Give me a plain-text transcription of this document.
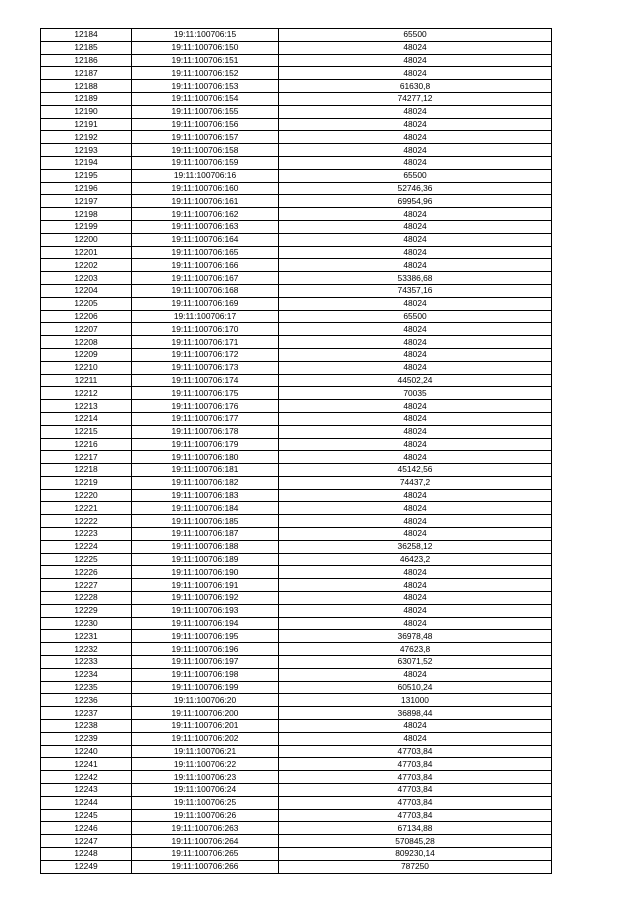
12184	19:11:100706:15	65500
12185	19:11:100706:150	48024
12186	19:11:100706:151	48024
12187	19:11:100706:152	48024
12188	19:11:100706:153	61630,8
12189	19:11:100706:154	74277,12
12190	19:11:100706:155	48024
12191	19:11:100706:156	48024
12192	19:11:100706:157	48024
12193	19:11:100706:158	48024
12194	19:11:100706:159	48024
12195	19:11:100706:16	65500
12196	19:11:100706:160	52746,36
12197	19:11:100706:161	69954,96
12198	19:11:100706:162	48024
12199	19:11:100706:163	48024
12200	19:11:100706:164	48024
12201	19:11:100706:165	48024
12202	19:11:100706:166	48024
12203	19:11:100706:167	53386,68
12204	19:11:100706:168	74357,16
12205	19:11:100706:169	48024
12206	19:11:100706:17	65500
12207	19:11:100706:170	48024
12208	19:11:100706:171	48024
12209	19:11:100706:172	48024
12210	19:11:100706:173	48024
12211	19:11:100706:174	44502,24
12212	19:11:100706:175	70035
12213	19:11:100706:176	48024
12214	19:11:100706:177	48024
12215	19:11:100706:178	48024
12216	19:11:100706:179	48024
12217	19:11:100706:180	48024
12218	19:11:100706:181	45142,56
12219	19:11:100706:182	74437,2
12220	19:11:100706:183	48024
12221	19:11:100706:184	48024
12222	19:11:100706:185	48024
12223	19:11:100706:187	48024
12224	19:11:100706:188	36258,12
12225	19:11:100706:189	46423,2
12226	19:11:100706:190	48024
12227	19:11:100706:191	48024
12228	19:11:100706:192	48024
12229	19:11:100706:193	48024
12230	19:11:100706:194	48024
12231	19:11:100706:195	36978,48
12232	19:11:100706:196	47623,8
12233	19:11:100706:197	63071,52
12234	19:11:100706:198	48024
12235	19:11:100706:199	60510,24
12236	19:11:100706:20	131000
12237	19:11:100706:200	36898,44
12238	19:11:100706:201	48024
12239	19:11:100706:202	48024
12240	19:11:100706:21	47703,84
12241	19:11:100706:22	47703,84
12242	19:11:100706:23	47703,84
12243	19:11:100706:24	47703,84
12244	19:11:100706:25	47703,84
12245	19:11:100706:26	47703,84
12246	19:11:100706:263	67134,88
12247	19:11:100706:264	570845,28
12248	19:11:100706:265	809230,14
12249	19:11:100706:266	787250
